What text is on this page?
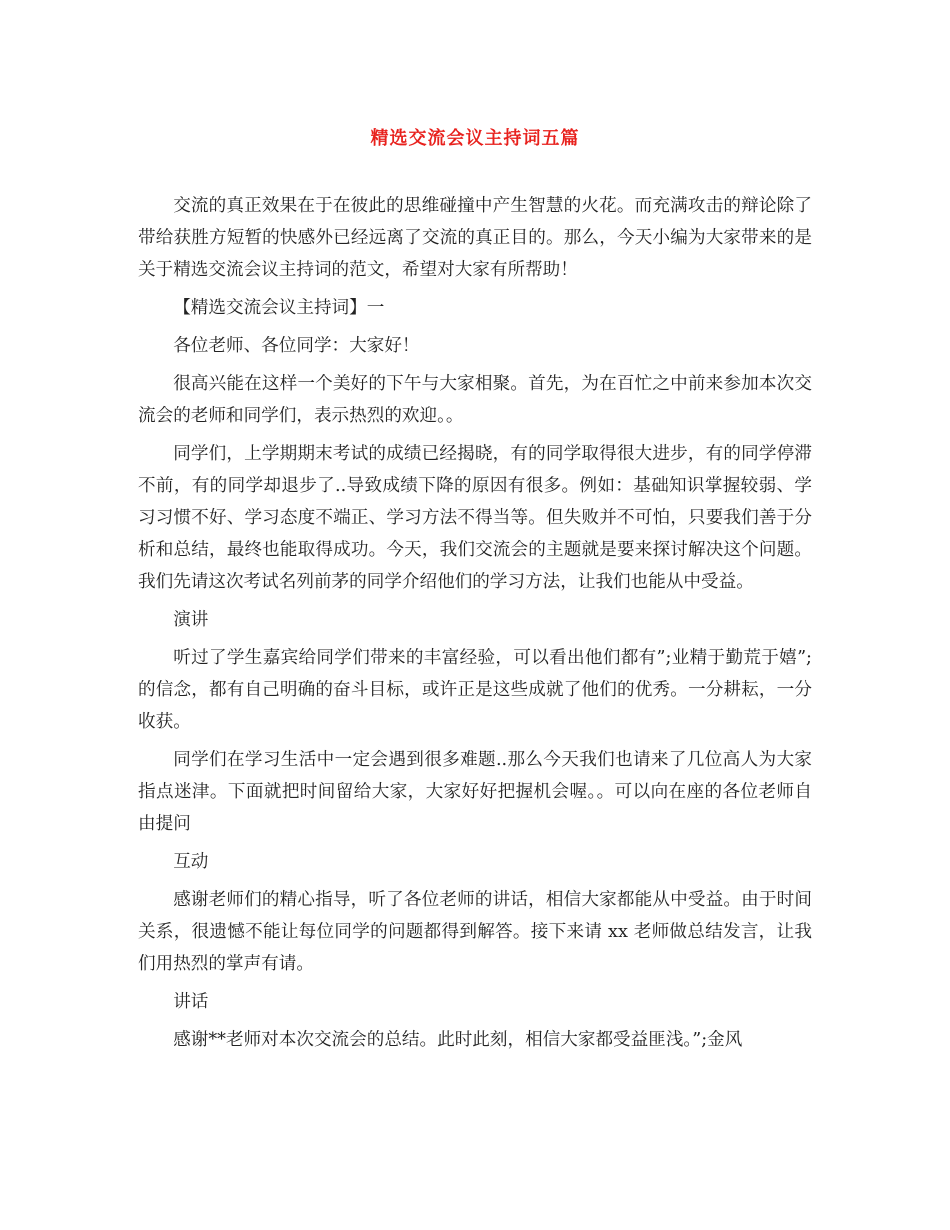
精选交流会议主持词五篇

交流的真正效果在于在彼此的思维碰撞中产生智慧的火花。而充满攻击的辩论除了带给获胜方短暂的快感外已经远离了交流的真正目的。那么，今天小编为大家带来的是关于精选交流会议主持词的范文，希望对大家有所帮助！

【精选交流会议主持词】一

各位老师、各位同学：大家好！

很高兴能在这样一个美好的下午与大家相聚。首先，为在百忙之中前来参加本次交流会的老师和同学们，表示热烈的欢迎。。

同学们，上学期期末考试的成绩已经揭晓，有的同学取得很大进步，有的同学停滞不前，有的同学却退步了..导致成绩下降的原因有很多。例如：基础知识掌握较弱、学习习惯不好、学习态度不端正、学习方法不得当等。但失败并不可怕，只要我们善于分析和总结，最终也能取得成功。今天，我们交流会的主题就是要来探讨解决这个问题。我们先请这次考试名列前茅的同学介绍他们的学习方法，让我们也能从中受益。

演讲

听过了学生嘉宾给同学们带来的丰富经验，可以看出他们都有”;业精于勤荒于嬉”;的信念，都有自己明确的奋斗目标，或许正是这些成就了他们的优秀。一分耕耘，一分收获。

同学们在学习生活中一定会遇到很多难题..那么今天我们也请来了几位高人为大家指点迷津。下面就把时间留给大家，大家好好把握机会喔。。可以向在座的各位老师自由提问

互动

感谢老师们的精心指导，听了各位老师的讲话，相信大家都能从中受益。由于时间关系，很遗憾不能让每位同学的问题都得到解答。接下来请 xx 老师做总结发言，让我们用热烈的掌声有请。

讲话

感谢**老师对本次交流会的总结。此时此刻，相信大家都受益匪浅。”;金风
